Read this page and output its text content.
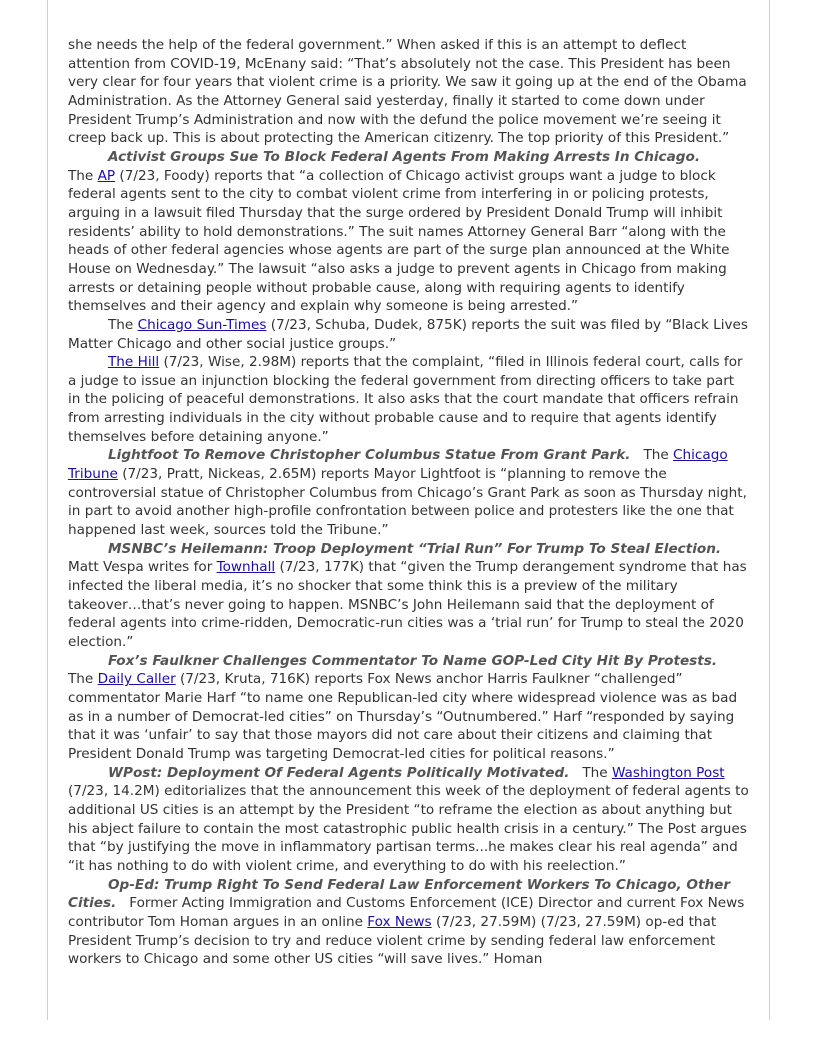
she needs the help of the federal government.” When asked if this is an attempt to deflect attention from COVID-19, McEnany said: “That’s absolutely not the case. This President has been very clear for four years that violent crime is a priority. We saw it going up at the end of the Obama Administration. As the Attorney General said yesterday, finally it started to come down under President Trump’s Administration and now with the defund the police movement we’re seeing it creep back up. This is about protecting the American citizenry. The top priority of this President.”

Activist Groups Sue To Block Federal Agents From Making Arrests In Chicago.
The AP (7/23, Foody) reports that “a collection of Chicago activist groups want a judge to block federal agents sent to the city to combat violent crime from interfering in or policing protests, arguing in a lawsuit filed Thursday that the surge ordered by President Donald Trump will inhibit residents’ ability to hold demonstrations.” The suit names Attorney General Barr “along with the heads of other federal agencies whose agents are part of the surge plan announced at the White House on Wednesday.” The lawsuit “also asks a judge to prevent agents in Chicago from making arrests or detaining people without probable cause, along with requiring agents to identify themselves and their agency and explain why someone is being arrested.”

The Chicago Sun-Times (7/23, Schuba, Dudek, 875K) reports the suit was filed by “Black Lives Matter Chicago and other social justice groups.”

The Hill (7/23, Wise, 2.98M) reports that the complaint, “filed in Illinois federal court, calls for a judge to issue an injunction blocking the federal government from directing officers to take part in the policing of peaceful demonstrations. It also asks that the court mandate that officers refrain from arresting individuals in the city without probable cause and to require that agents identify themselves before detaining anyone.”

Lightfoot To Remove Christopher Columbus Statue From Grant Park. The Chicago Tribune (7/23, Pratt, Nickeas, 2.65M) reports Mayor Lightfoot is “planning to remove the controversial statue of Christopher Columbus from Chicago’s Grant Park as soon as Thursday night, in part to avoid another high-profile confrontation between police and protesters like the one that happened last week, sources told the Tribune.”

MSNBC’s Heilemann: Troop Deployment “Trial Run” For Trump To Steal Election.
Matt Vespa writes for Townhall (7/23, 177K) that “given the Trump derangement syndrome that has infected the liberal media, it’s no shocker that some think this is a preview of the military takeover…that’s never going to happen. MSNBC’s John Heilemann said that the deployment of federal agents into crime-ridden, Democratic-run cities was a ‘trial run’ for Trump to steal the 2020 election.”

Fox’s Faulkner Challenges Commentator To Name GOP-Led City Hit By Protests.
The Daily Caller (7/23, Kruta, 716K) reports Fox News anchor Harris Faulkner “challenged” commentator Marie Harf “to name one Republican-led city where widespread violence was as bad as in a number of Democrat-led cities” on Thursday’s “Outnumbered.” Harf “responded by saying that it was ‘unfair’ to say that those mayors did not care about their citizens and claiming that President Donald Trump was targeting Democrat-led cities for political reasons.”

WPost: Deployment Of Federal Agents Politically Motivated. The Washington Post (7/23, 14.2M) editorializes that the announcement this week of the deployment of federal agents to additional US cities is an attempt by the President “to reframe the election as about anything but his abject failure to contain the most catastrophic public health crisis in a century.” The Post argues that “by justifying the move in inflammatory partisan terms...he makes clear his real agenda” and “it has nothing to do with violent crime, and everything to do with his reelection.”

Op-Ed: Trump Right To Send Federal Law Enforcement Workers To Chicago, Other Cities. Former Acting Immigration and Customs Enforcement (ICE) Director and current Fox News contributor Tom Homan argues in an online Fox News (7/23, 27.59M) (7/23, 27.59M) op-ed that President Trump’s decision to try and reduce violent crime by sending federal law enforcement workers to Chicago and some other US cities “will save lives.” Homan
